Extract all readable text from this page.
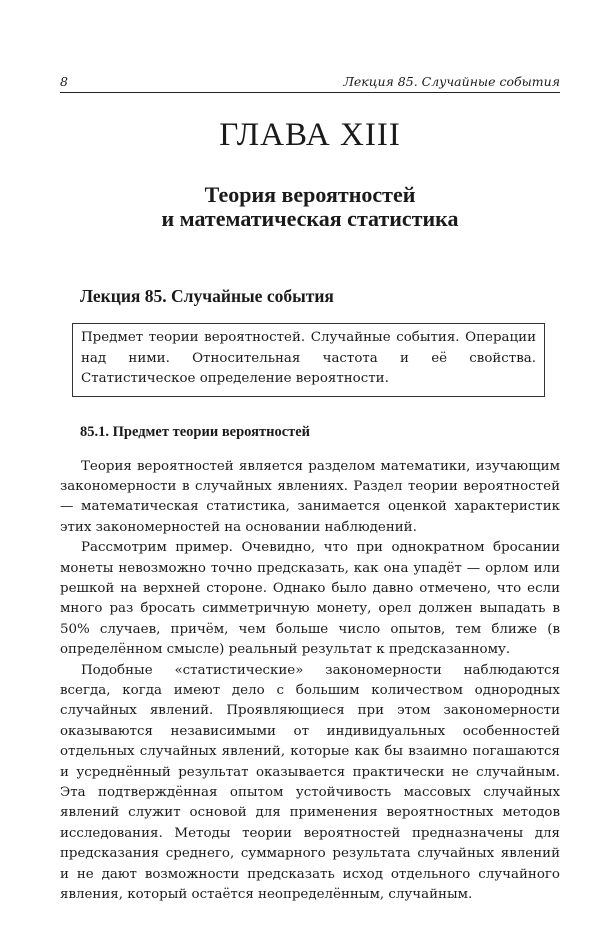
8	Лекция 85. Случайные события
ГЛАВА XIII
Теория вероятностей
и математическая статистика
Лекция 85. Случайные события
Предмет теории вероятностей. Случайные события. Операции над ними. Относительная частота и её свойства. Статистическое определение вероятности.
85.1. Предмет теории вероятностей

Теория вероятностей является разделом математики, изучающим закономерности в случайных явлениях. Раздел теории вероятностей — математическая статистика, занимается оценкой характеристик этих закономерностей на основании наблюдений.

Рассмотрим пример. Очевидно, что при однократном бросании монеты невозможно точно предсказать, как она упадёт — орлом или решкой на верхней стороне. Однако было давно отмечено, что если много раз бросать симметричную монету, орел должен выпадать в 50% случаев, причём, чем больше число опытов, тем ближе (в определённом смысле) реальный результат к предсказанному.

Подобные «статистические» закономерности наблюдаются всегда, когда имеют дело с большим количеством однородных случайных явлений. Проявляющиеся при этом закономерности оказываются независимыми от индивидуальных особенностей отдельных случайных явлений, которые как бы взаимно погашаются и усреднённый результат оказывается практически не случайным. Эта подтверждённая опытом устойчивость массовых случайных явлений служит основой для применения вероятностных методов исследования. Методы теории вероятностей предназначены для предсказания среднего, суммарного результата случайных явлений и не дают возможности предсказать исход отдельного случайного явления, который остаётся неопределённым, случайным.
